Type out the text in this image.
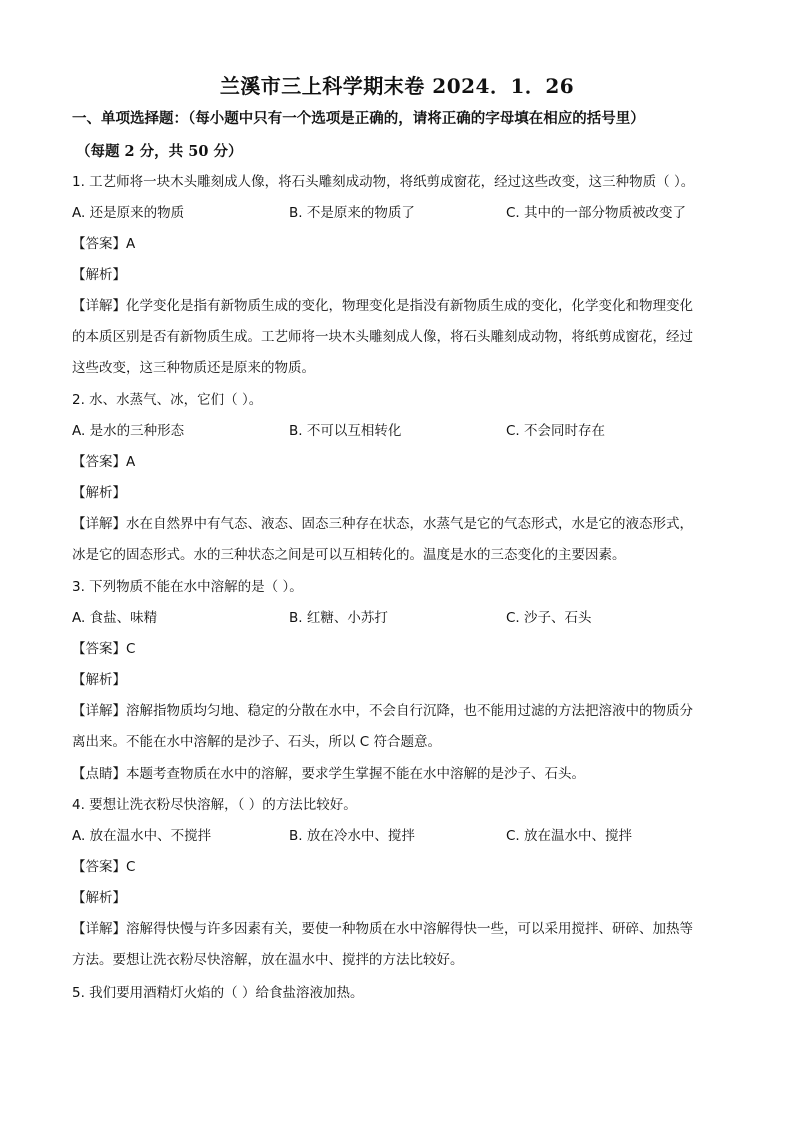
兰溪市三上科学期末卷 2024．1．26
一、单项选择题：（每小题中只有一个选项是正确的，请将正确的字母填在相应的括号里）
（每题 2 分，共 50 分）
1. 工艺师将一块木头雕刻成人像，将石头雕刻成动物，将纸剪成窗花，经过这些改变，这三种物质（ ）。
A. 还是原来的物质	B. 不是原来的物质了	C. 其中的一部分物质被改变了
【答案】A
【解析】
【详解】化学变化是指有新物质生成的变化，物理变化是指没有新物质生成的变化，化学变化和物理变化
的本质区别是否有新物质生成。工艺师将一块木头雕刻成人像，将石头雕刻成动物，将纸剪成窗花，经过
这些改变，这三种物质还是原来的物质。
2. 水、水蒸气、冰，它们（ ）。
A. 是水的三种形态	B. 不可以互相转化	C. 不会同时存在
【答案】A
【解析】
【详解】水在自然界中有气态、液态、固态三种存在状态，水蒸气是它的气态形式，水是它的液态形式，
冰是它的固态形式。水的三种状态之间是可以互相转化的。温度是水的三态变化的主要因素。
3. 下列物质不能在水中溶解的是（ ）。
A. 食盐、味精	B. 红糖、小苏打	C. 沙子、石头
【答案】C
【解析】
【详解】溶解指物质均匀地、稳定的分散在水中，不会自行沉降，也不能用过滤的方法把溶液中的物质分
离出来。不能在水中溶解的是沙子、石头，所以 C 符合题意。
【点睛】本题考查物质在水中的溶解，要求学生掌握不能在水中溶解的是沙子、石头。
4. 要想让洗衣粉尽快溶解，（ ）的方法比较好。
A. 放在温水中、不搅拌	B. 放在冷水中、搅拌	C. 放在温水中、搅拌
【答案】C
【解析】
【详解】溶解得快慢与许多因素有关，要使一种物质在水中溶解得快一些，可以采用搅拌、研碎、加热等
方法。要想让洗衣粉尽快溶解，放在温水中、搅拌的方法比较好。
5. 我们要用酒精灯火焰的（ ）给食盐溶液加热。
